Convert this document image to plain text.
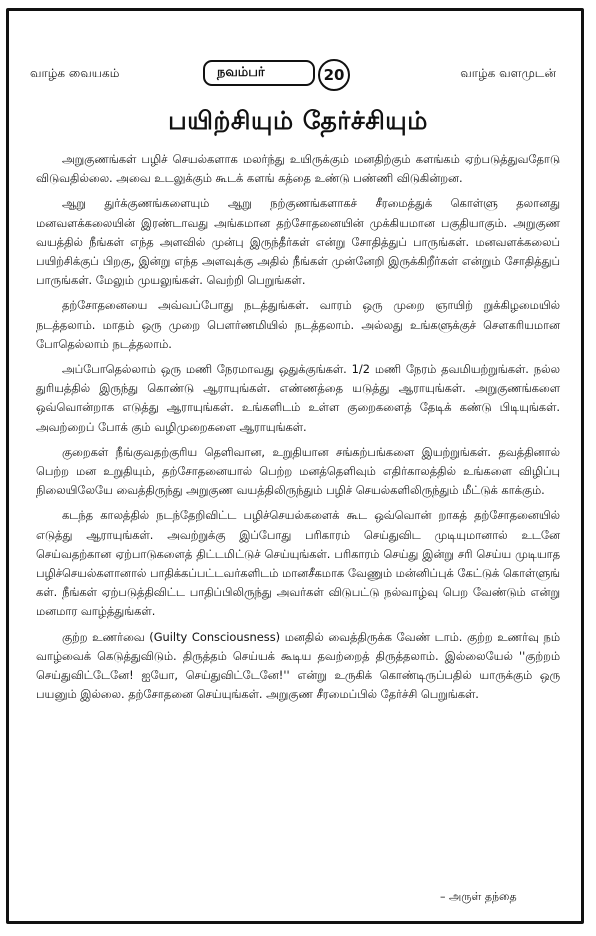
வாழ்க வையகம்	நவம்பர்	20	வாழ்க வளமுடன்
பயிற்சியும் தேர்ச்சியும்

அறுகுணங்கள் பழிச் செயல்களாக மலர்ந்து உயிருக்கும் மனதிற்கும் களங்கம் ஏற்படுத்துவதோடு விடுவதில்லை. அவை உடலுக்கும் கூடக் களங் கத்தை உண்டு பண்ணி விடுகின்றன.

ஆறு துர்க்குணங்களையும் ஆறு நற்குணங்களாகச் சீரமைத்துக் கொள்ளு தலானது மனவளக்கலையின் இரண்டாவது அங்கமான தற்சோதனையின் முக்கியமான பகுதியாகும். அறுகுண வயத்தில் நீங்கள் எந்த அளவில் முன்பு இருந்தீர்கள் என்று சோதித்துப் பாருங்கள். மனவளக்கலைப் பயிற்சிக்குப் பிறகு, இன்று எந்த அளவுக்கு அதில் நீங்கள் முன்னேறி இருக்கிறீர்கள் என்றும் சோதித்துப் பாருங்கள். மேலும் முயலுங்கள். வெற்றி பெறுங்கள்.

தற்சோதனையை அவ்வப்போது நடத்துங்கள். வாரம் ஒரு முறை ஞாயிற் றுக்கிழமையில் நடத்தலாம். மாதம் ஒரு முறை பௌர்ணமியில் நடத்தலாம். அல்லது உங்களுக்குச் சௌகரியமான போதெல்லாம் நடத்தலாம்.

அப்போதெல்லாம் ஒரு மணி நேரமாவது ஒதுக்குங்கள். 1/2 மணி நேரம் தவமியற்றுங்கள். நல்ல துரியத்தில் இருந்து கொண்டு ஆராயுங்கள். எண்ணத்தை யடுத்து ஆராயுங்கள். அறுகுணங்களை ஒவ்வொன்றாக எடுத்து ஆராயுங்கள். உங்களிடம் உள்ள குறைகளைத் தேடிக் கண்டு பிடியுங்கள். அவற்றைப் போக் கும் வழிமுறைகளை ஆராயுங்கள்.

குறைகள் நீங்குவதற்குரிய தெளிவான, உறுதியான சங்கற்பங்களை இயற்றுங்கள். தவத்தினால் பெற்ற மன உறுதியும், தற்சோதனையால் பெற்ற மனத்தெளிவும் எதிர்காலத்தில் உங்களை விழிப்பு நிலையிலேயே வைத்திருந்து அறுகுண வயத்திலிருந்தும் பழிச் செயல்களிலிருந்தும் மீட்டுக் காக்கும்.

கடந்த காலத்தில் நடந்தேறிவிட்ட பழிச்செயல்களைக் கூட ஒவ்வொன் றாகத் தற்சோதனையில் எடுத்து ஆராயுங்கள். அவற்றுக்கு இப்போது பரிகாரம் செய்துவிட முடியுமானால் உடனே செய்வதற்கான ஏற்பாடுகளைத் திட்டமிட்டுச் செய்யுங்கள். பரிகாரம் செய்து இன்று சரி செய்ய முடியாத பழிச்செயல்களானால் பாதிக்கப்பட்டவர்களிடம் மானசீகமாக வேணும் மன்னிப்புக் கேட்டுக் கொள்ளுங் கள். நீங்கள் ஏற்படுத்திவிட்ட பாதிப்பிலிருந்து அவர்கள் விடுபட்டு நல்வாழ்வு பெற வேண்டும் என்று மனமார வாழ்த்துங்கள்.

குற்ற உணர்வை (Guilty Consciousness) மனதில் வைத்திருக்க வேண் டாம். குற்ற உணர்வு நம் வாழ்வைக் கெடுத்துவிடும். திருத்தம் செய்யக் கூடிய தவற்றைத் திருத்தலாம். இல்லையேல் ''குற்றம் செய்துவிட்டேனே! ஐயோ, செய்துவிட்டேனே!'' என்று உருகிக் கொண்டிருப்பதில் யாருக்கும் ஒரு பயனும் இல்லை. தற்சோதனை செய்யுங்கள். அறுகுண சீரமைப்பில் தேர்ச்சி பெறுங்கள்.

– அருள் தந்தை
